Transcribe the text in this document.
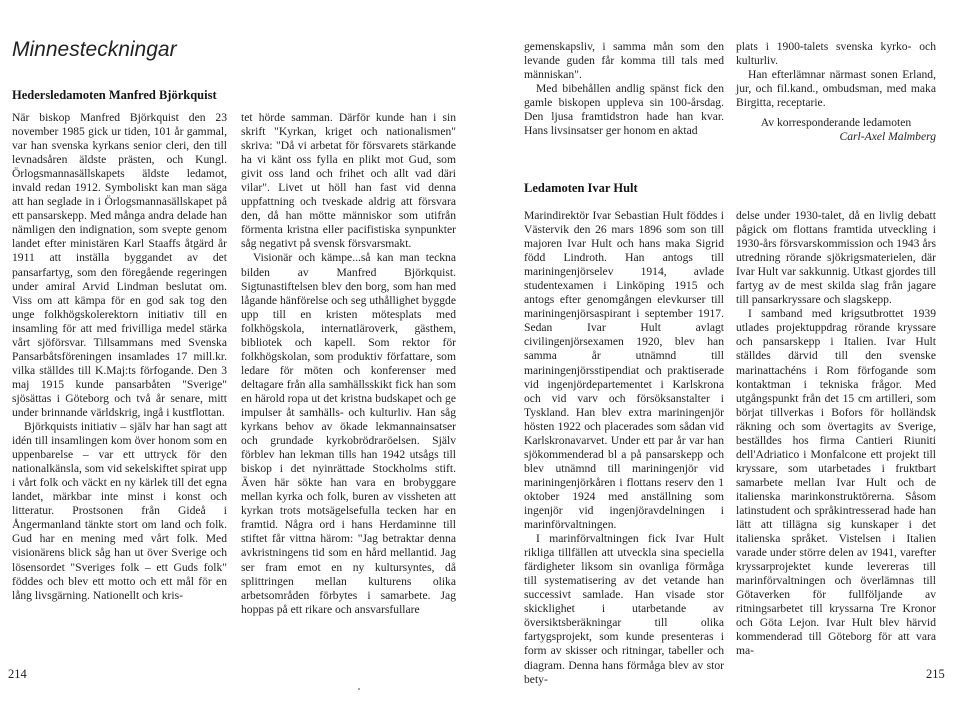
Minnesteckningar
Hedersledamoten Manfred Björkquist

När biskop Manfred Björkquist den 23 november 1985 gick ur tiden, 101 år gammal, var han svenska kyrkans senior cleri, den till levnadsåren äldste prästen, och Kungl. Örlogsmannasällskapets äldste ledamot, invald redan 1912. Symboliskt kan man säga att han seglade in i Örlogsmannasällskapet på ett pansarskepp. Med många andra delade han nämligen den indignation, som svepte genom landet efter ministären Karl Staaffs åtgärd år 1911 att inställa byggandet av det pansarfartyg, som den föregående regeringen under amiral Arvid Lindman beslutat om. Viss om att kämpa för en god sak tog den unge folkhögskolerektorn initiativ till en insamling för att med frivilliga medel stärka vårt sjöförsvar. Tillsammans med Svenska Pansarbåtsföreningen insamlades 17 mill.kr. vilka ställdes till K.Maj:ts förfogande. Den 3 maj 1915 kunde pansarbåten "Sverige" sjösättas i Göteborg och två år senare, mitt under brinnande världskrig, ingå i kustflottan.

Björkquists initiativ – själv har han sagt att idén till insamlingen kom över honom som en uppenbarelse – var ett uttryck för den nationalkänsla, som vid sekelskiftet spirat upp i vårt folk och väckt en ny kärlek till det egna landet, märkbar inte minst i konst och litteratur. Prostsonen från Gideå i Ångermanland tänkte stort om land och folk. Gud har en mening med vårt folk. Med visionärens blick såg han ut över Sverige och lösensordet "Sveriges folk – ett Guds folk" föddes och blev ett motto och ett mål för en lång livsgärning. Nationellt och kris-

tet hörde samman. Därför kunde han i sin skrift "Kyrkan, kriget och nationalismen" skriva: "Då vi arbetat för försvarets stärkande ha vi känt oss fylla en plikt mot Gud, som givit oss land och frihet och allt vad däri vilar". Livet ut höll han fast vid denna uppfattning och tveskade aldrig att försvara den, då han mötte människor som utifrån förmenta kristna eller pacifistiska synpunkter såg negativt på svensk försvarsmakt.

Visionär och kämpe...så kan man teckna bilden av Manfred Björkquist. Sigtunastiftelsen blev den borg, som han med lågande hänförelse och seg uthållighet byggde upp till en kristen mötesplats med folkhögskola, internatläroverk, gästhem, bibliotek och kapell. Som rektor för folkhögskolan, som produktiv författare, som ledare för möten och konferenser med deltagare från alla samhällsskikt fick han som en härold ropa ut det kristna budskapet och ge impulser åt samhälls- och kulturliv. Han såg kyrkans behov av ökade lekmannainsatser och grundade kyrkobrödraröelsen. Själv förblev han lekman tills han 1942 utsågs till biskop i det nyinrättade Stockholms stift. Även här sökte han vara en brobyggare mellan kyrka och folk, buren av vissheten att kyrkan trots motsägelsefulla tecken har en framtid. Några ord i hans Herdaminne till stiftet får vittna härom: "Jag betraktar denna avkristningens tid som en hård mellantid. Jag ser fram emot en ny kultursyntes, då splittringen mellan kulturens olika arbetsområden förbytes i samarbete. Jag hoppas på ett rikare och ansvarsfullare

214

gemenskapsliv, i samma mån som den levande guden får komma till tals med människan".

Med bibehållen andlig spänst fick den gamle biskopen uppleva sin 100-årsdag. Den ljusa framtidstron hade han kvar. Hans livsinsatser ger honom en aktad

plats i 1900-talets svenska kyrko- och kulturliv.

Han efterlämnar närmast sonen Erland, jur, och fil.kand., ombudsman, med maka Birgitta, receptarie.

Av korresponderande ledamoten

Carl-Axel Malmberg

Ledamoten Ivar Hult

Marindirektör Ivar Sebastian Hult föddes i Västervik den 26 mars 1896 som son till majoren Ivar Hult och hans maka Sigrid född Lindroth. Han antogs till mariningenjörselev 1914, avlade studentexamen i Linköping 1915 och antogs efter genomgången elevkurser till mariningenjörsaspirant i september 1917. Sedan Ivar Hult avlagt civilingenjörsexamen 1920, blev han samma år utnämnd till mariningenjörsstipendiat och praktiserade vid ingenjördepartementet i Karlskrona och vid varv och försöksanstalter i Tyskland. Han blev extra mariningenjör hösten 1922 och placerades som sådan vid Karlskronavarvet. Under ett par år var han sjökommenderad bl a på pansarskepp och blev utnämnd till mariningenjör vid mariningenjörkåren i flottans reserv den 1 oktober 1924 med anställning som ingenjör vid ingenjöravdelningen i marinförvaltningen.

I marinförvaltningen fick Ivar Hult rikliga tillfällen att utveckla sina speciella färdigheter liksom sin ovanliga förmåga till systematisering av det vetande han successivt samlade. Han visade stor skicklighet i utarbetande av översiktsberäkningar till olika fartygsprojekt, som kunde presenteras i form av skisser och ritningar, tabeller och diagram. Denna hans förmåga blev av stor bety-

delse under 1930-talet, då en livlig debatt pågick om flottans framtida utveckling i 1930-års försvarskommission och 1943 års utredning rörande sjökrigsmaterielen, där Ivar Hult var sakkunnig. Utkast gjordes till fartyg av de mest skilda slag från jagare till pansarkryssare och slagskepp.

I samband med krigsutbrottet 1939 utlades projektuppdrag rörande kryssare och pansarskepp i Italien. Ivar Hult ställdes därvid till den svenske marinattachéns i Rom förfogande som kontaktman i tekniska frågor. Med utgångspunkt från det 15 cm artilleri, som börjat tillverkas i Bofors för holländsk räkning och som övertagits av Sverige, beställdes hos firma Cantieri Riuniti dell'Adriatico i Monfalcone ett projekt till kryssare, som utarbetades i fruktbart samarbete mellan Ivar Hult och de italienska marinkonstruktörerna. Såsom latinstudent och språkintresserad hade han lätt att tillägna sig kunskaper i det italienska språket. Vistelsen i Italien varade under större delen av 1941, varefter kryssarprojektet kunde levereras till marinförvaltningen och överlämnas till Götaverken för fullföljande av ritningsarbetet till kryssarna Tre Kronor och Göta Lejon. Ivar Hult blev härvid kommenderad till Göteborg för att vara ma-

215
